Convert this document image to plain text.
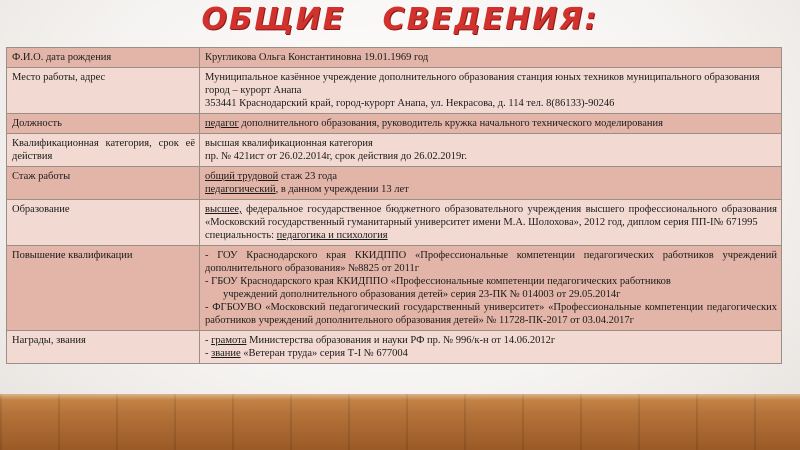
ОБЩИЕ   СВЕДЕНИЯ:
Ф.И.О. дата рождения	Кругликова Ольга Константиновна 19.01.1969 год
Место работы, адрес	Муниципальное казённое учреждение дополнительного образования станция юных техников муниципального образования город – курорт Анапа
353441 Краснодарский край, город-курорт Анапа, ул. Некрасова, д. 114 тел. 8(86133)-90246

Должность	педагог дополнительного образования, руководитель кружка начального технического моделирования
Квалификационная категория, срок её действия	высшая квалификационная категория
пр. № 421ист от 26.02.2014г, срок действия до 26.02.2019г.

Стаж работы	общий трудовой стаж 23 года
педагогический, в данном учреждении 13 лет

Образование	высшее, федеральное государственное бюджетного образовательного учреждения высшего профессионального образования «Московский государственный гуманитарный университет имени М.А. Шолохова», 2012 год, диплом серия ПП-I№ 671995
специальность: педагогика и психология

Повышение квалификации	- ГОУ Краснодарского края ККИДППО «Профессиональные компетенции педагогических работников учреждений дополнительного образования» №8825 от 2011г
- ГБОУ Краснодарского края ККИДППО «Профессиональные компетенции педагогических работников
учреждений дополнительного образования детей» серия 23-ПК № 014003 от 29.05.2014г
- ФГБОУВО «Московский педагогический государственный университет» «Профессиональные компетенции педагогических работников учреждений дополнительного образования детей» № 11728-ПК-2017 от 03.04.2017г

Награды, звания	- грамота Министерства образования и науки РФ пр. № 996/к-н от 14.06.2012г
- звание «Ветеран труда» серия Т-I № 677004
